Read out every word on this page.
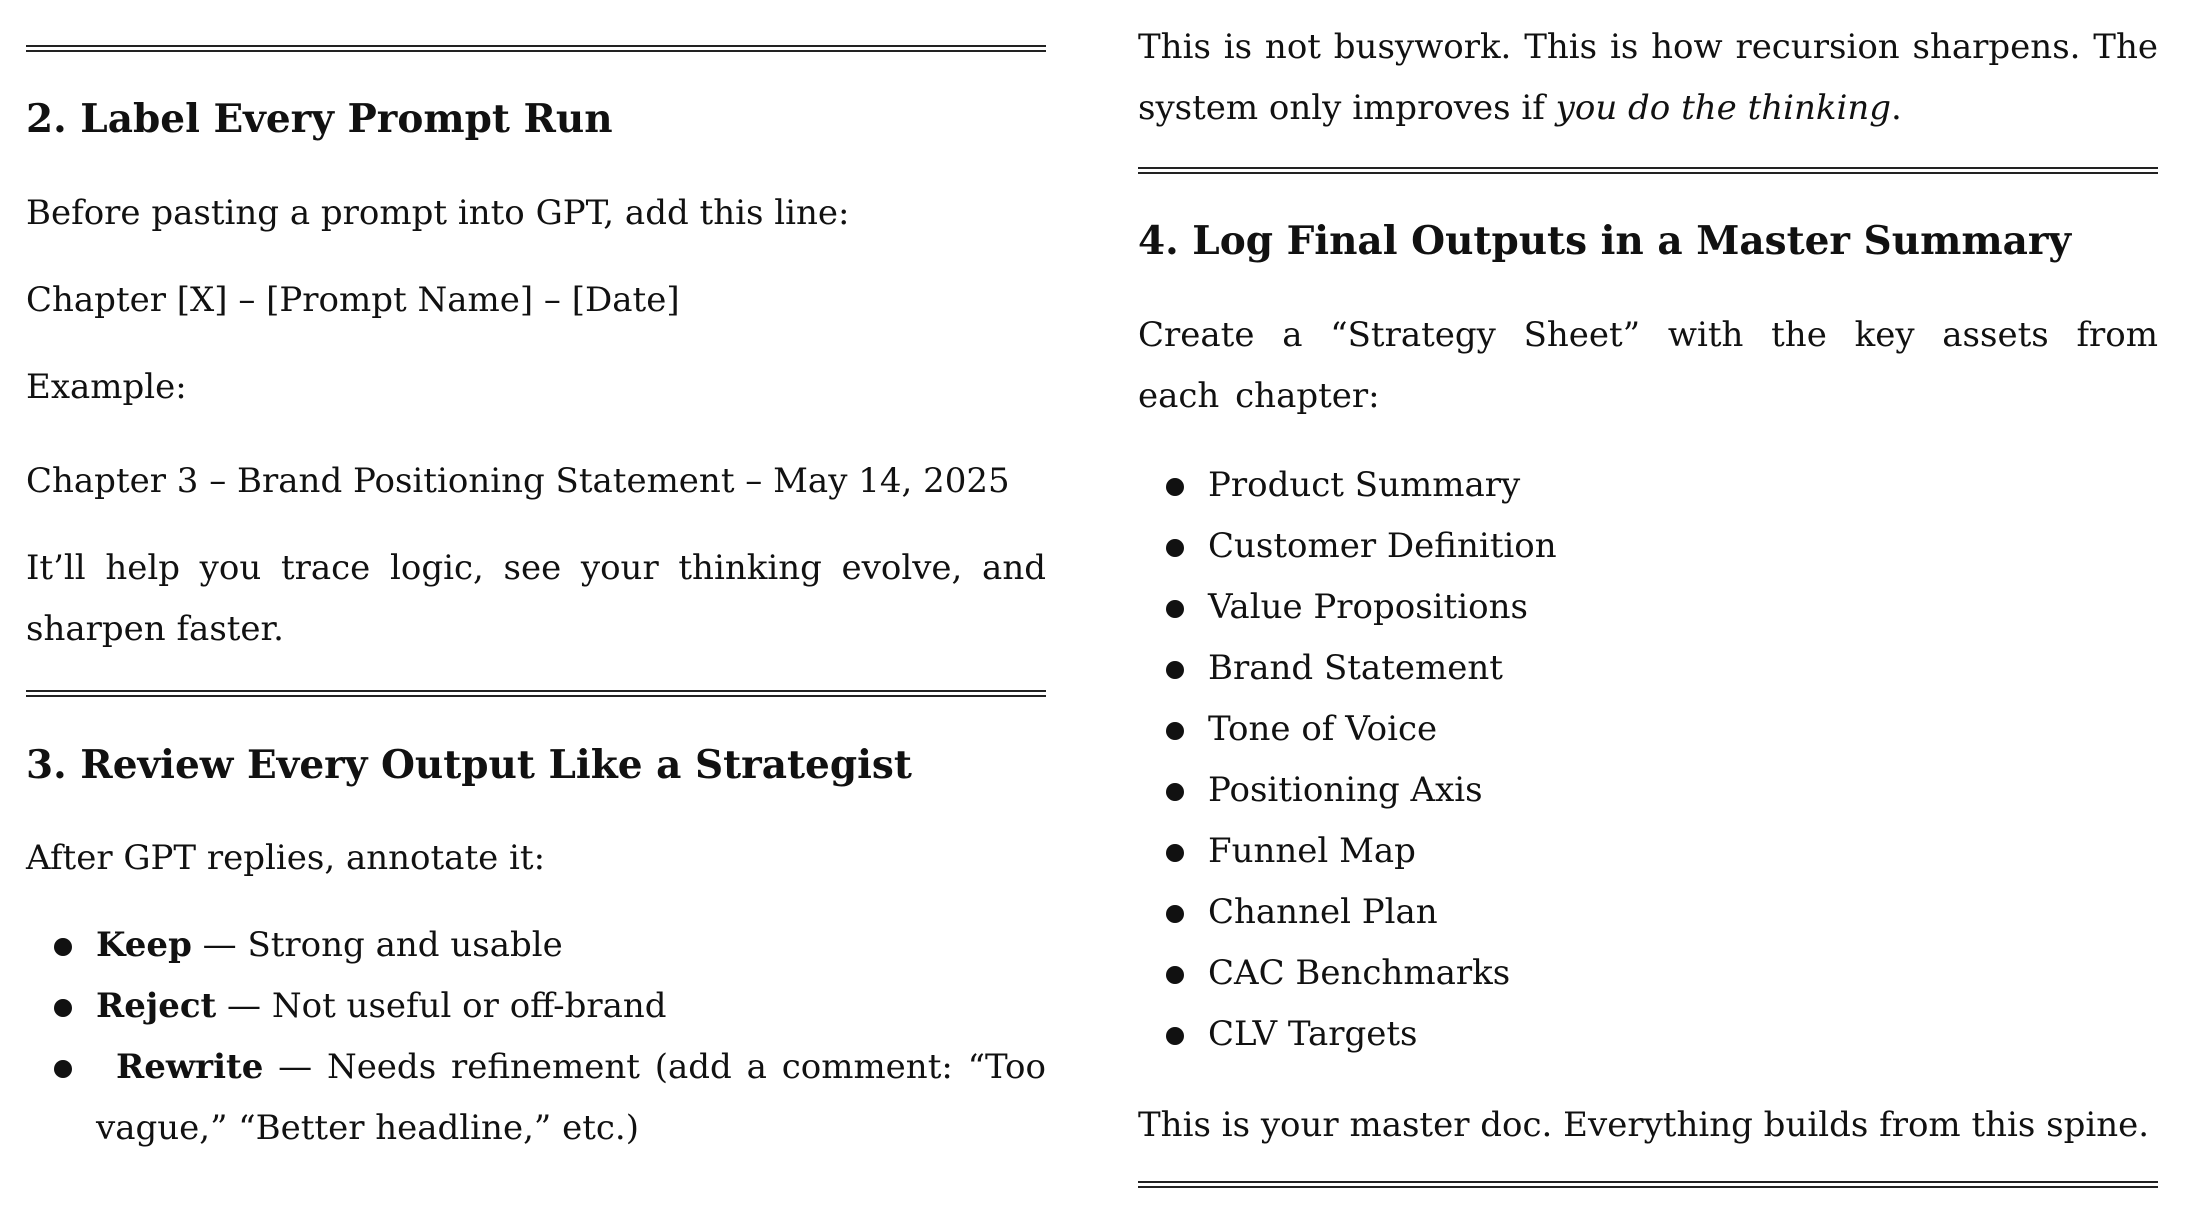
2. Label Every Prompt Run

Before pasting a prompt into GPT, add this line:

Chapter [X] – [Prompt Name] – [Date]

Example:

Chapter 3 – Brand Positioning Statement – May 14, 2025

It’ll help you trace logic, see your thinking evolve, and sharpen faster.

3. Review Every Output Like a Strategist

After GPT replies, annotate it:

Keep — Strong and usable
Reject — Not useful or off-brand
Rewrite — Needs refinement (add a comment: “Too vague,” “Better headline,” etc.)

This is not busywork. This is how recursion sharpens. The system only improves if you do the thinking.

4. Log Final Outputs in a Master Summary

Create a “Strategy Sheet” with the key assets from each chapter:

Product Summary
Customer Definition
Value Propositions
Brand Statement
Tone of Voice
Positioning Axis
Funnel Map
Channel Plan
CAC Benchmarks
CLV Targets

This is your master doc. Everything builds from this spine.
